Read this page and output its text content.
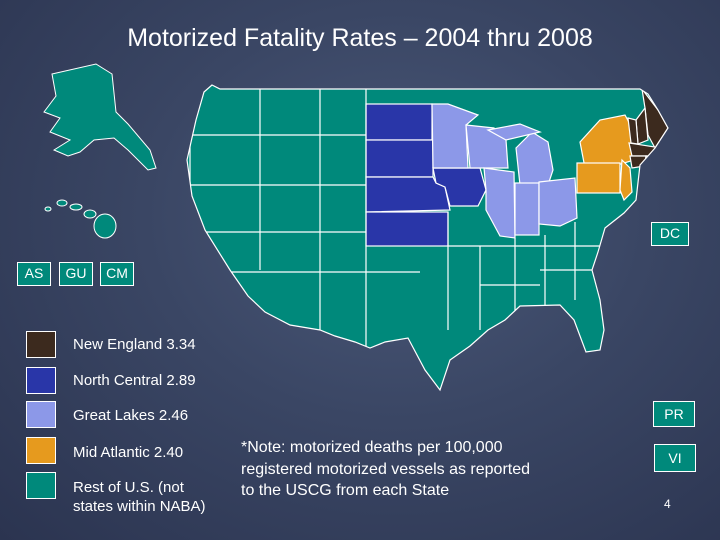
Motorized Fatality Rates – 2004 thru 2008
DC
AS	GU	CM
PR
VI
New England 3.34
North Central 2.89
Great Lakes 2.46
Mid Atlantic 2.40
Rest of U.S. (not states within NABA)
*Note: motorized deaths per 100,000 registered motorized vessels as reported to the USCG from each State
4
